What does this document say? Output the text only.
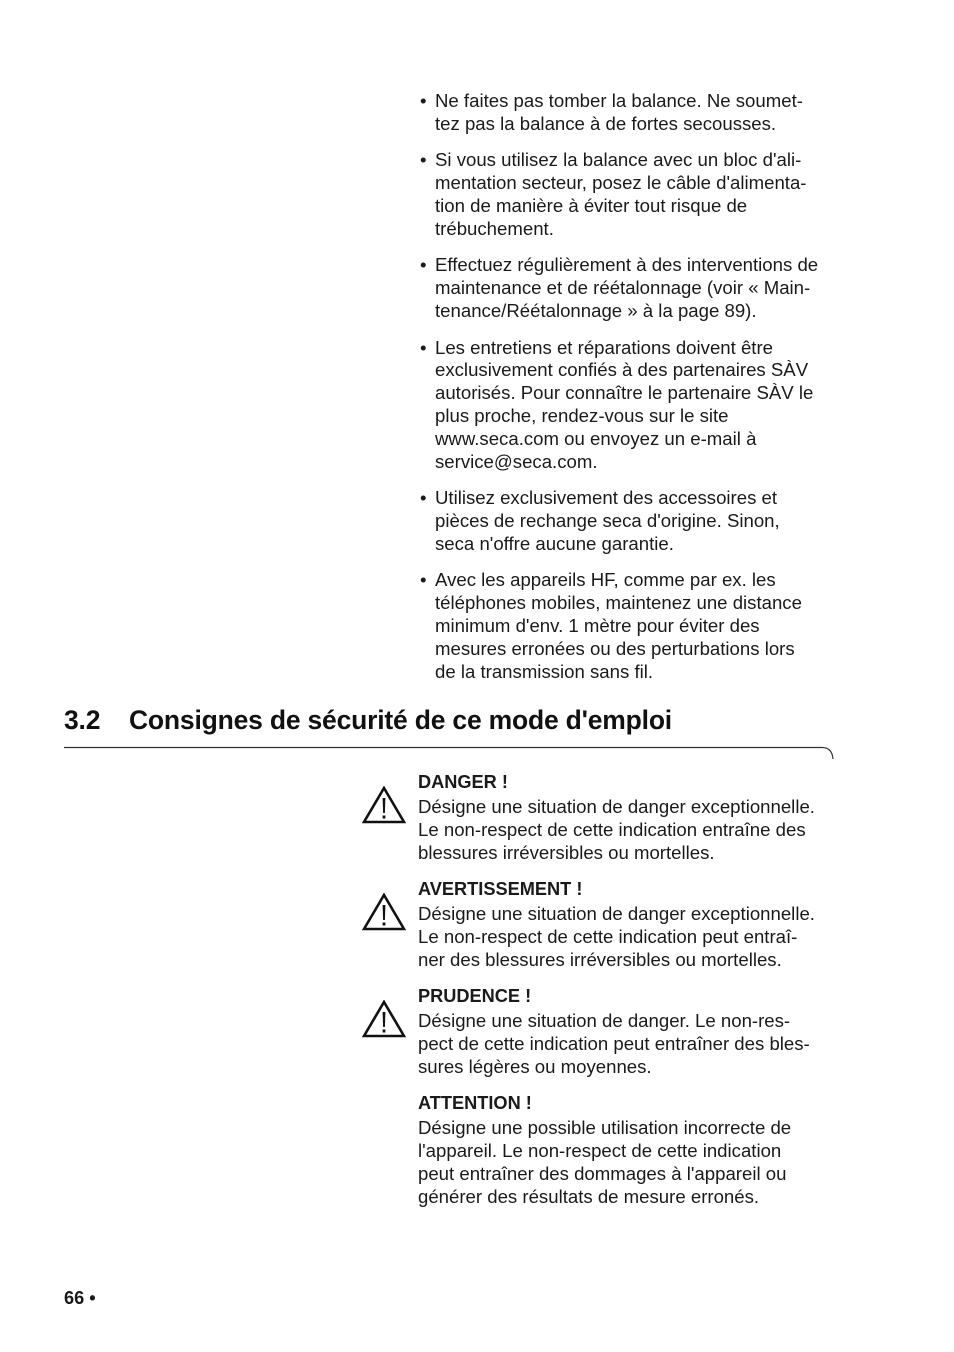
• Ne faites pas tomber la balance. Ne soumet-
tez pas la balance à de fortes secousses.
• Si vous utilisez la balance avec un bloc d'ali-
mentation secteur, posez le câble d'alimenta-
tion de manière à éviter tout risque de
trébuchement.
• Effectuez régulièrement à des interventions de
maintenance et de réétalonnage (voir « Main-
tenance/Réétalonnage » à la page 89).
• Les entretiens et réparations doivent être
exclusivement confiés à des partenaires SÀV
autorisés. Pour connaître le partenaire SÀV le
plus proche, rendez-vous sur le site
www.seca.com ou envoyez un e-mail à
service@seca.com.
• Utilisez exclusivement des accessoires et
pièces de rechange seca d'origine. Sinon,
seca n'offre aucune garantie.
• Avec les appareils HF, comme par ex. les
téléphones mobiles, maintenez une distance
minimum d'env. 1 mètre pour éviter des
mesures erronées ou des perturbations lors
de la transmission sans fil.
3.2 Consignes de sécurité de ce mode d'emploi
DANGER !
Désigne une situation de danger exceptionnelle.
Le non-respect de cette indication entraîne des
blessures irréversibles ou mortelles.
AVERTISSEMENT !
Désigne une situation de danger exceptionnelle.
Le non-respect de cette indication peut entraî-
ner des blessures irréversibles ou mortelles.
PRUDENCE !
Désigne une situation de danger. Le non-res-
pect de cette indication peut entraîner des bles-
sures légères ou moyennes.
ATTENTION !
Désigne une possible utilisation incorrecte de
l'appareil. Le non-respect de cette indication
peut entraîner des dommages à l'appareil ou
générer des résultats de mesure erronés.
66 •
